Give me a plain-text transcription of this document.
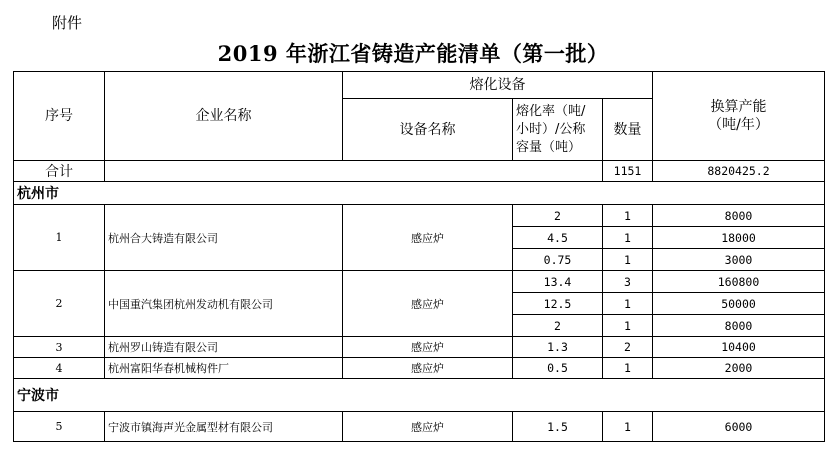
附件
2019 年浙江省铸造产能清单（第一批）
序号	企业名称	熔化设备			换算产能
（吨/年）

		设备名称	熔化率（吨/
小时）/公称
容量（吨）	数量	
合计				1151	8820425.2
杭州市					
1	杭州合大铸造有限公司	感应炉	2	1	8000
			4.5	1	18000
			0.75	1	3000
2	中国重汽集团杭州发动机有限公司	感应炉	13.4	3	160800
			12.5	1	50000
			2	1	8000
3	杭州罗山铸造有限公司	感应炉	1.3	2	10400
4	杭州富阳华春机械构件厂	感应炉	0.5	1	2000
宁波市					
5	宁波市镇海声光金属型材有限公司	感应炉	1.5	1	6000
